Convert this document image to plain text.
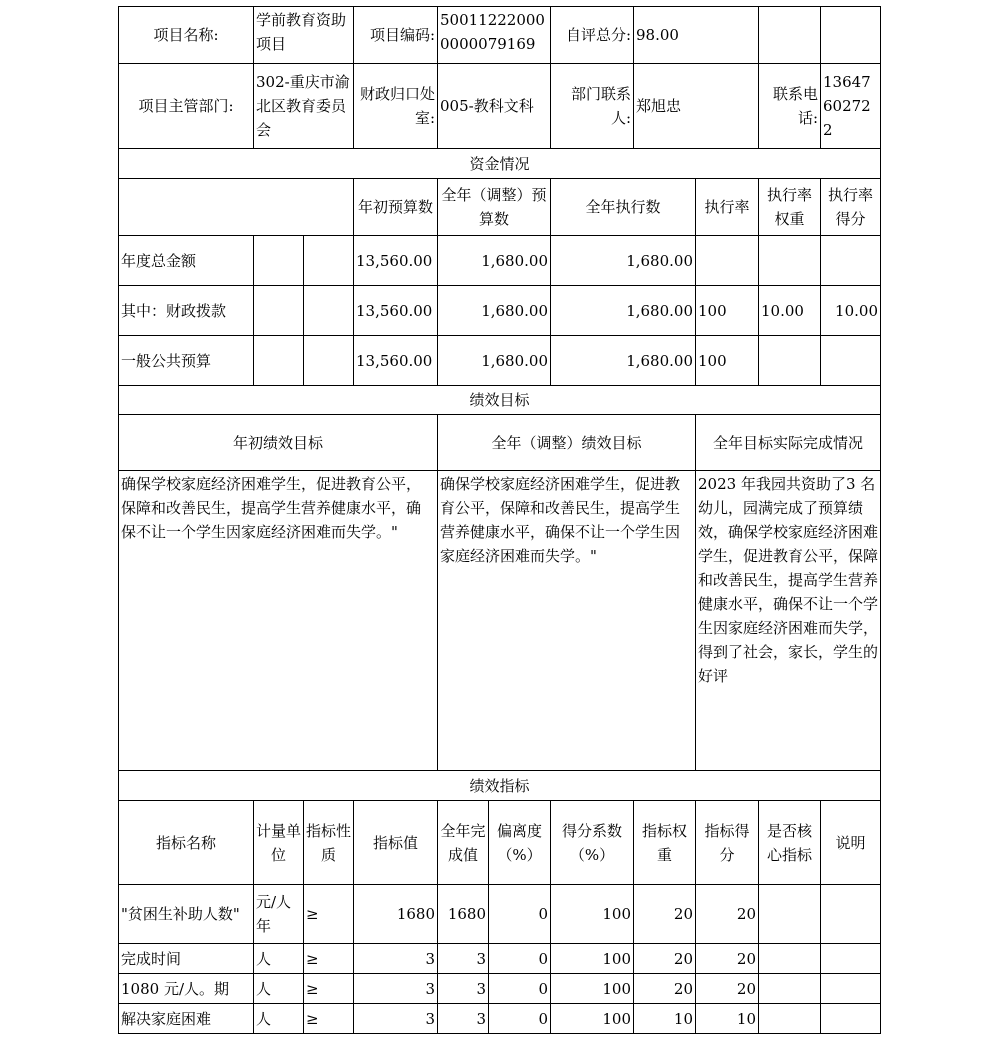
项目名称:	学前教育资助项目		项目编码:	500112220000000079169		自评总分:	98.00			
项目主管部门:	302-重庆市渝北区教育委员会		财政归口处室:	005-教科文科		部门联系人:	郑旭忠		联系电话:	13647602722
资金情况										
			年初预算数	全年（调整）预算数		全年执行数		执行率	执行率权重	执行率得分
年度总金额			13,560.00	1,680.00		1,680.00				
其中：财政拨款			13,560.00	1,680.00		1,680.00		100	10.00	10.00
一般公共预算			13,560.00	1,680.00		1,680.00		100		
绩效目标										
年初绩效目标				全年（调整）绩效目标				全年目标实际完成情况		
确保学校家庭经济困难学生，促进教育公平，保障和改善民生，提高学生营养健康水平，确保不让一个学生因家庭经济困难而失学。"				确保学校家庭经济困难学生，促进教育公平，保障和改善民生，提高学生营养健康水平，确保不让一个学生因家庭经济困难而失学。"				2023 年我园共资助了3 名幼儿，园满完成了预算绩效，确保学校家庭经济困难学生，促进教育公平，保障和改善民生，提高学生营养健康水平，确保不让一个学生因家庭经济困难而失学，得到了社会，家长，学生的好评		
绩效指标										
指标名称	计量单位	指标性质	指标值	全年完成值	偏离度（%）	得分系数（%）	指标权重	指标得分	是否核心指标	说明
"贫困生补助人数"	元/人年	≥	1680	1680	0	100	20	20		
完成时间	人	≥	3	3	0	100	20	20		
1080 元/人。期	人	≥	3	3	0	100	20	20		
解决家庭困难	人	≥	3	3	0	100	10	10		
